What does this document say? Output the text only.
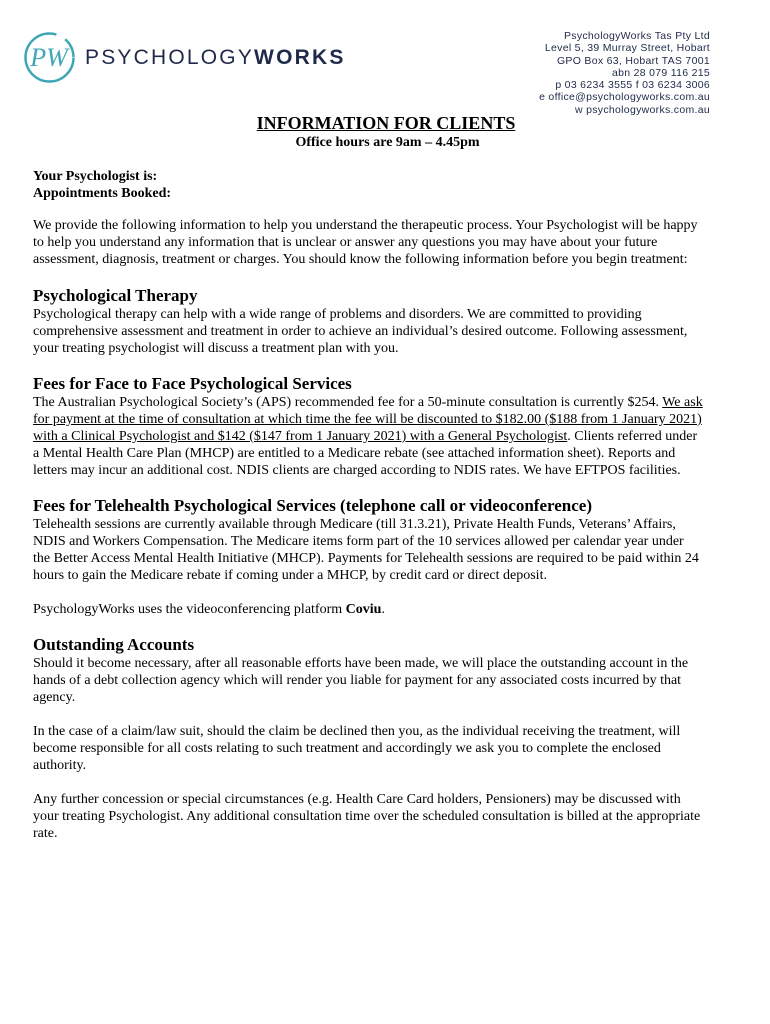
PW PSYCHOLOGYWORKS
PsychologyWorks Tas Pty Ltd
Level 5, 39 Murray Street, Hobart
GPO Box 63, Hobart TAS 7001
abn 28 079 116 215
p 03 6234 3555 f 03 6234 3006
e office@psychologyworks.com.au
w psychologyworks.com.au
INFORMATION FOR CLIENTS

Office hours are 9am – 4.45pm

Your Psychologist is:

Appointments Booked:

We provide the following information to help you understand the therapeutic process. Your Psychologist will be happy to help you understand any information that is unclear or answer any questions you may have about your future assessment, diagnosis, treatment or charges. You should know the following information before you begin treatment:

Psychological Therapy

Psychological therapy can help with a wide range of problems and disorders. We are committed to providing comprehensive assessment and treatment in order to achieve an individual’s desired outcome. Following assessment, your treating psychologist will discuss a treatment plan with you.

Fees for Face to Face Psychological Services

The Australian Psychological Society’s (APS) recommended fee for a 50-minute consultation is currently $254. We ask for payment at the time of consultation at which time the fee will be discounted to $182.00 ($188 from 1 January 2021) with a Clinical Psychologist and $142 ($147 from 1 January 2021) with a General Psychologist. Clients referred under a Mental Health Care Plan (MHCP) are entitled to a Medicare rebate (see attached information sheet). Reports and letters may incur an additional cost. NDIS clients are charged according to NDIS rates. We have EFTPOS facilities.

Fees for Telehealth Psychological Services (telephone call or videoconference)

Telehealth sessions are currently available through Medicare (till 31.3.21), Private Health Funds, Veterans’ Affairs, NDIS and Workers Compensation. The Medicare items form part of the 10 services allowed per calendar year under the Better Access Mental Health Initiative (MHCP). Payments for Telehealth sessions are required to be paid within 24 hours to gain the Medicare rebate if coming under a MHCP, by credit card or direct deposit.

PsychologyWorks uses the videoconferencing platform Coviu.

Outstanding Accounts

Should it become necessary, after all reasonable efforts have been made, we will place the outstanding account in the hands of a debt collection agency which will render you liable for payment for any associated costs incurred by that agency.

In the case of a claim/law suit, should the claim be declined then you, as the individual receiving the treatment, will become responsible for all costs relating to such treatment and accordingly we ask you to complete the enclosed authority.

Any further concession or special circumstances (e.g. Health Care Card holders, Pensioners) may be discussed with your treating Psychologist. Any additional consultation time over the scheduled consultation is billed at the appropriate rate.
